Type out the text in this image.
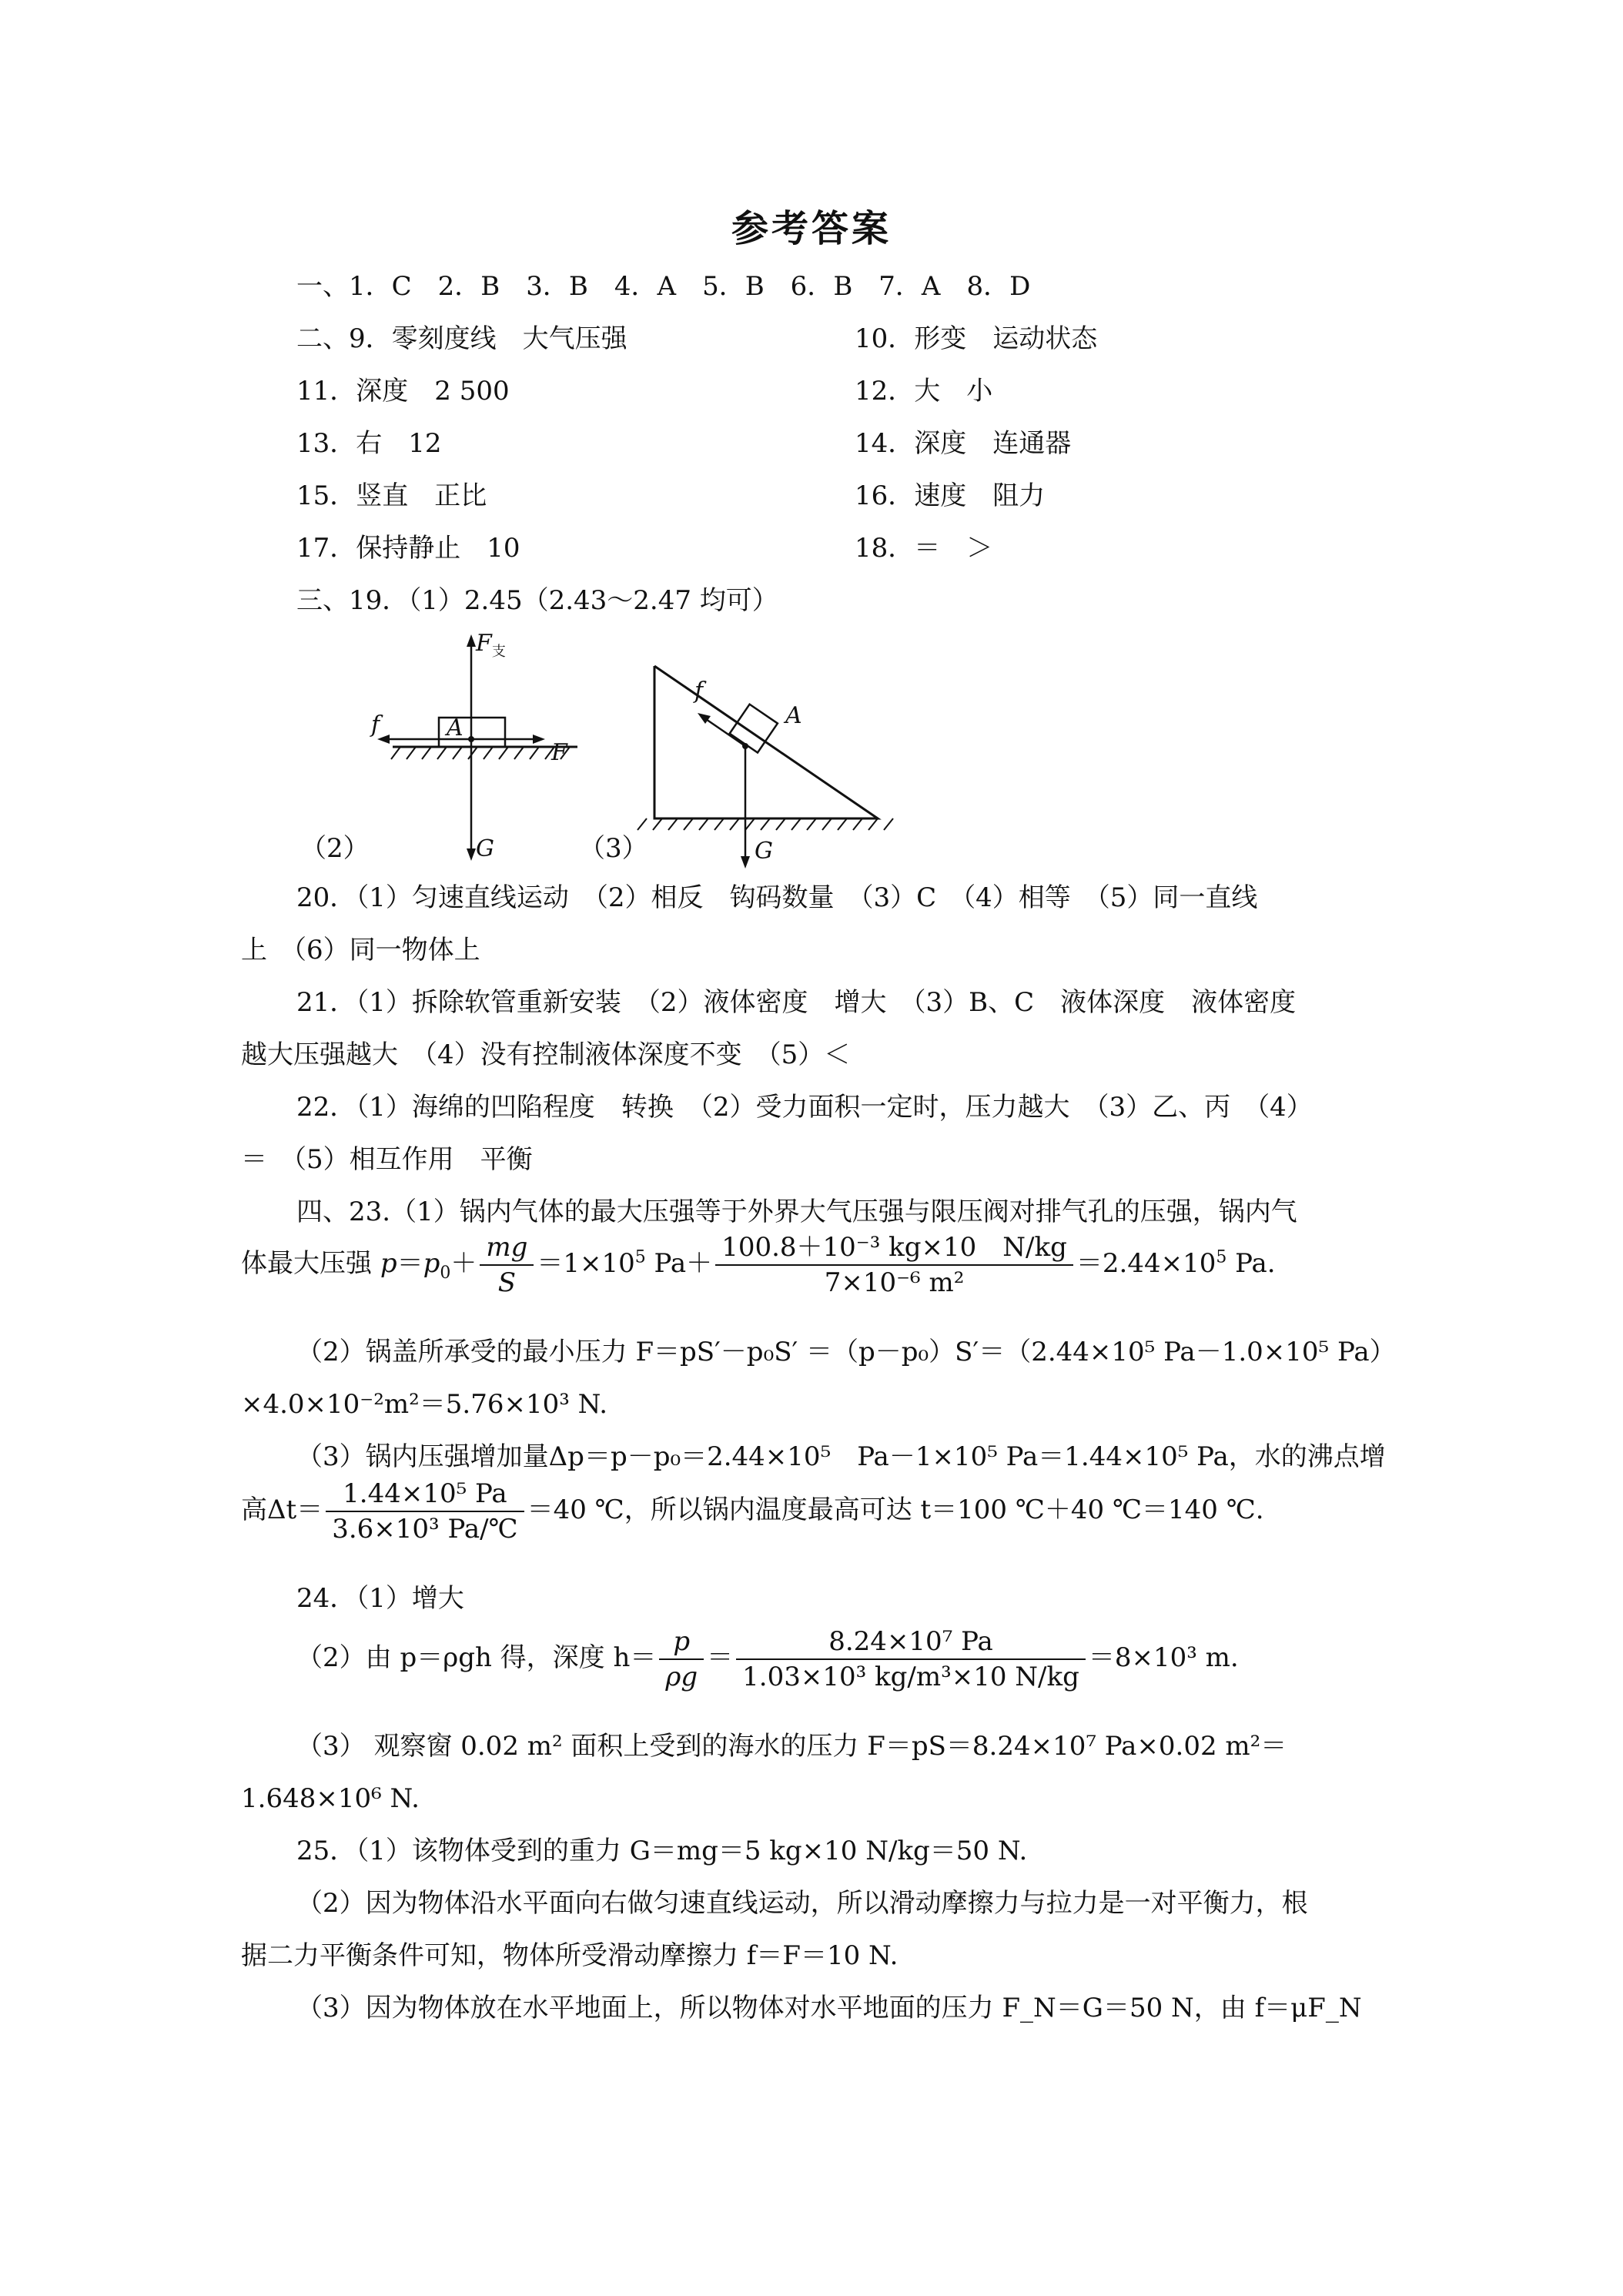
参考答案
一、1．C　2．B　3．B　4．A　5．B　6．B　7．A　8．D
二、9．零刻度线　大气压强	10．形变　运动状态
11．深度　2 500	12．大　小
13．右　12	14．深度　连通器
15．竖直　正比	16．速度　阻力
17．保持静止　10	18．＝　＞
三、19．（1）2.45（2.43～2.47 均可）
$F_支$
f	A
F
G
（2）
f
A
G
（3）
20．（1）匀速直线运动　（2）相反　钩码数量　（3）C　（4）相等　（5）同一直线
上　（6）同一物体上
21．（1）拆除软管重新安装　（2）液体密度　增大　（3）B、C　液体深度　液体密度
越大压强越大　（4）没有控制液体深度不变　（5）＜
22．（1）海绵的凹陷程度　转换　（2）受力面积一定时，压力越大　（3）乙、丙　（4）
＝　（5）相互作用　平衡
四、23.（1）锅内气体的最大压强等于外界大气压强与限压阀对排气孔的压强，锅内气
体最大压强 $p=p_0+ \frac{mg}{S} =1\times 10^5$ $Pa+ \frac{\text{100.8＋10⁻³ kg×10　N/kg}}{\text{7×10⁻⁶ m²}} =2.44\times 10^5$ Pa.
（2）锅盖所承受的最小压力 F＝pS′－p₀S′ ＝（p－p₀）S′＝（2.44×10⁵ Pa－1.0×10⁵ Pa）
×4.0×10⁻²m²＝5.76×10³ N.
（3）锅内压强增加量Δp＝p－p₀＝2.44×10⁵　Pa－1×10⁵ Pa＝1.44×10⁵ Pa，水的沸点增
高$\Delta t= \frac{\text{1.44×10⁵ Pa}}{\text{3.6×10³ Pa/℃}} =40$ ℃，所以锅内温度最高可达 t＝100 ℃＋40 ℃＝140 ℃.
24．（1）增大
（2）由 p＝ρgh 得，深度 $h= \frac{p}{\rho g} = \frac{\text{8.24×10⁷ Pa}}{\text{1.03×10³ kg/m³×10 N/kg}} =8\times 10^3$ m.
（3） 观察窗 0.02 m² 面积上受到的海水的压力 F＝pS＝8.24×10⁷ Pa×0.02 m²＝
1.648×10⁶ N.
25．（1）该物体受到的重力 G＝mg＝5 kg×10 N/kg＝50 N.
（2）因为物体沿水平面向右做匀速直线运动，所以滑动摩擦力与拉力是一对平衡力，根
据二力平衡条件可知，物体所受滑动摩擦力 f＝F＝10 N.
（3）因为物体放在水平地面上，所以物体对水平地面的压力 F_N＝G＝50 N，由 f＝μF_N
